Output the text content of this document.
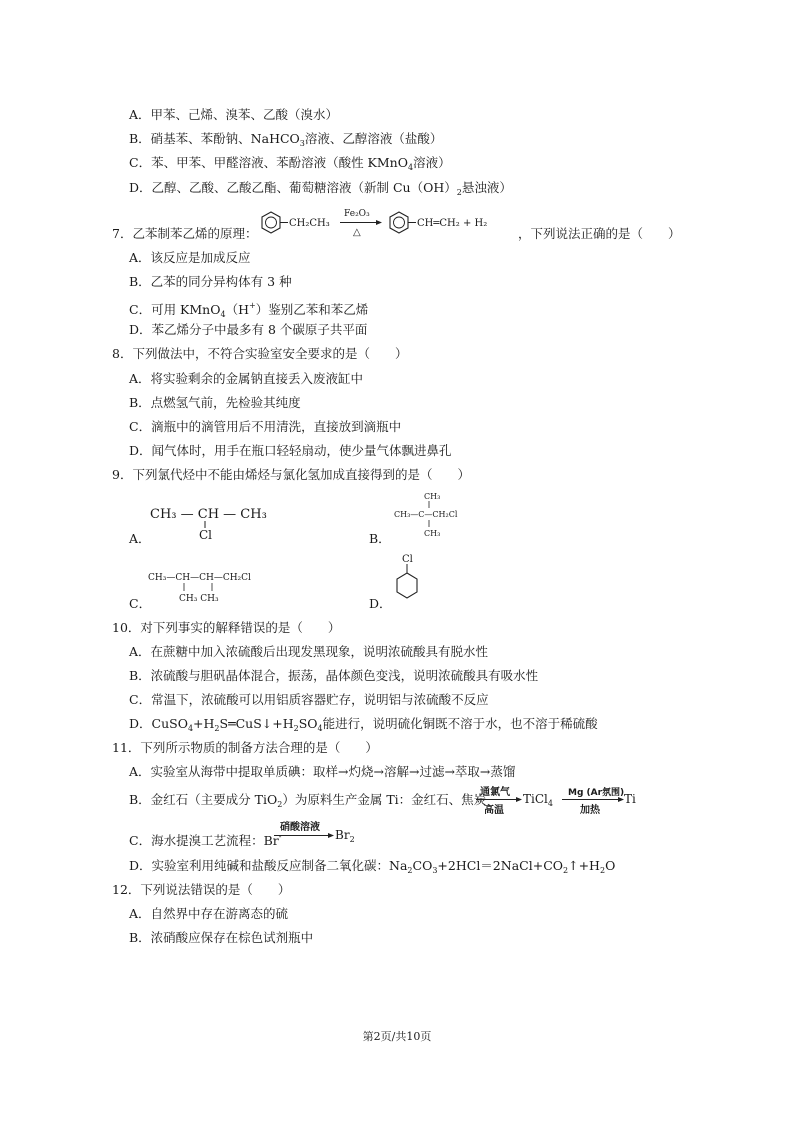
A．甲苯、己烯、溴苯、乙酸（溴水）
B．硝基苯、苯酚钠、NaHCO$_3$溶液、乙醇溶液（盐酸）
C．苯、甲苯、甲醛溶液、苯酚溶液（酸性 KMnO$_4$溶液）
D．乙醇、乙酸、乙酸乙酯、葡萄糖溶液（新制 $Cu(OH)_2$悬浊液）
7．乙苯制苯乙烯的原理：
CH₂CH₃
Fe₂O₃
△
CH═CH₂ + H₂
，下列说法正确的是（　　）
A．该反应是加成反应
B．乙苯的同分异构体有 3 种
C．可用 KMnO$_4$（H+）鉴别乙苯和苯乙烯
D．苯乙烯分子中最多有 8 个碳原子共平面
8．下列做法中，不符合实验室安全要求的是（　　）
A．将实验剩余的金属钠直接丢入废液缸中
B．点燃氢气前，先检验其纯度
C．滴瓶中的滴管用后不用清洗，直接放到滴瓶中
D．闻气体时，用手在瓶口轻轻扇动，使少量气体飘进鼻孔
9．下列氯代烃中不能由烯烃与氯化氢加成直接得到的是（　　）
A．
CH₃ — CH — CH₃
Cl	B．
CH₃
CH₃—C—CH₂Cl
CH₃
C．
CH₃—CH—CH—CH₂Cl
CH₃ CH₃	D．
Cl
10．对下列事实的解释错误的是（　　）
A．在蔗糖中加入浓硫酸后出现发黑现象，说明浓硫酸具有脱水性
B．浓硫酸与胆矾晶体混合，振荡，晶体颜色变浅，说明浓硫酸具有吸水性
C．常温下，浓硫酸可以用铝质容器贮存，说明铝与浓硫酸不反应
D．$CuSO_4+H_2S═CuS↓+H_2SO_4$能进行，说明硫化铜既不溶于水，也不溶于稀硫酸
11．下列所示物质的制备方法合理的是（　　）
A．实验室从海带中提取单质碘：取样→灼烧→溶解→过滤→萃取→蒸馏
B．金红石（主要成分 TiO$_2$）为原料生产金属 Ti：金红石、焦炭
通氯气
高温
TiCl$_4$
Mg (Ar氛围)
加热
Ti
C．海水提溴工艺流程：Br-
硝酸溶液
$Br_2$
D．实验室利用纯碱和盐酸反应制备二氧化碳：$Na_2CO_3+2HCl=2NaCl+CO_2↑+H_2O$
12．下列说法错误的是（　　）
A．自然界中存在游离态的硫
B．浓硝酸应保存在棕色试剂瓶中
第2页/共10页
